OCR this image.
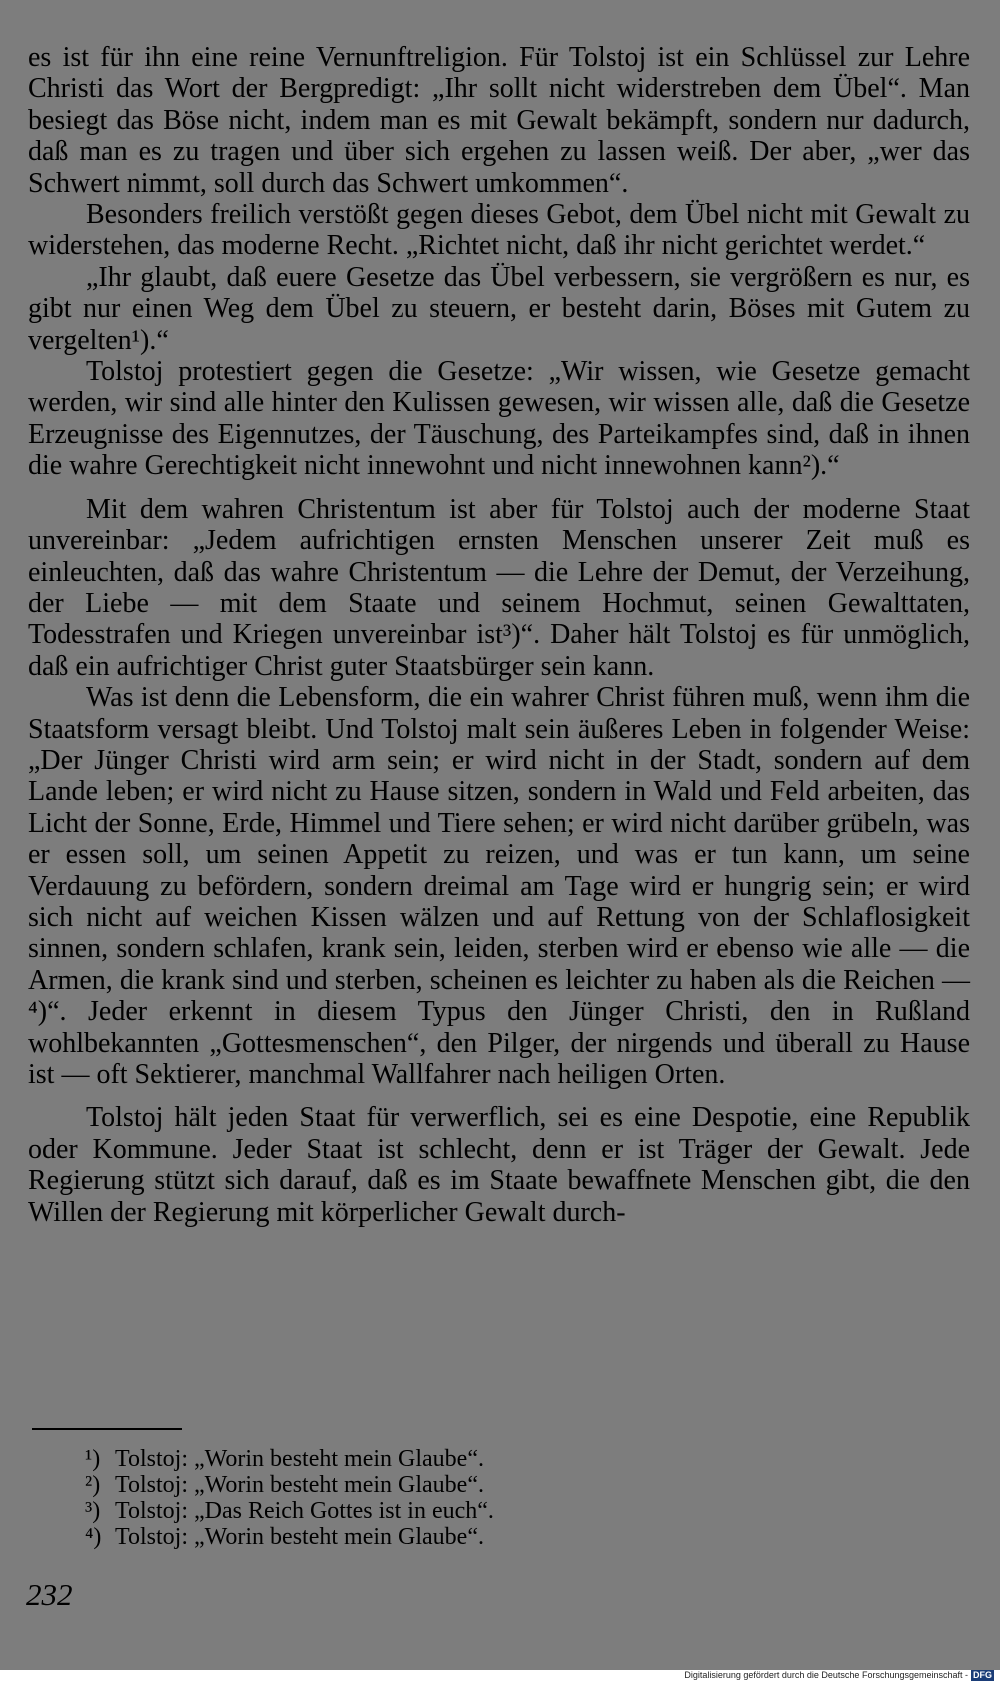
es ist für ihn eine reine Vernunftreligion. Für Tolstoj ist ein Schlüssel zur Lehre Christi das Wort der Bergpredigt: „Ihr sollt nicht widerstreben dem Übel“. Man besiegt das Böse nicht, indem man es mit Gewalt bekämpft, sondern nur dadurch, daß man es zu tragen und über sich ergehen zu lassen weiß. Der aber, „wer das Schwert nimmt, soll durch das Schwert umkommen“.

Besonders freilich verstößt gegen dieses Gebot, dem Übel nicht mit Gewalt zu widerstehen, das moderne Recht. „Richtet nicht, daß ihr nicht gerichtet werdet.“

„Ihr glaubt, daß euere Gesetze das Übel verbessern, sie vergrößern es nur, es gibt nur einen Weg dem Übel zu steuern, er besteht darin, Böses mit Gutem zu vergelten¹).“

Tolstoj protestiert gegen die Gesetze: „Wir wissen, wie Gesetze gemacht werden, wir sind alle hinter den Kulissen gewesen, wir wissen alle, daß die Gesetze Erzeugnisse des Eigennutzes, der Täuschung, des Parteikampfes sind, daß in ihnen die wahre Gerechtigkeit nicht innewohnt und nicht innewohnen kann²).“

Mit dem wahren Christentum ist aber für Tolstoj auch der moderne Staat unvereinbar: „Jedem aufrichtigen ernsten Menschen unserer Zeit muß es einleuchten, daß das wahre Christentum — die Lehre der Demut, der Verzeihung, der Liebe — mit dem Staate und seinem Hochmut, seinen Gewalttaten, Todesstrafen und Kriegen unvereinbar ist³)“. Daher hält Tolstoj es für unmöglich, daß ein aufrichtiger Christ guter Staatsbürger sein kann.

Was ist denn die Lebensform, die ein wahrer Christ führen muß, wenn ihm die Staatsform versagt bleibt. Und Tolstoj malt sein äußeres Leben in folgender Weise: „Der Jünger Christi wird arm sein; er wird nicht in der Stadt, sondern auf dem Lande leben; er wird nicht zu Hause sitzen, sondern in Wald und Feld arbeiten, das Licht der Sonne, Erde, Himmel und Tiere sehen; er wird nicht darüber grübeln, was er essen soll, um seinen Appetit zu reizen, und was er tun kann, um seine Verdauung zu befördern, sondern dreimal am Tage wird er hungrig sein; er wird sich nicht auf weichen Kissen wälzen und auf Rettung von der Schlaflosigkeit sinnen, sondern schlafen, krank sein, leiden, sterben wird er ebenso wie alle — die Armen, die krank sind und sterben, scheinen es leichter zu haben als die Reichen —⁴)“. Jeder erkennt in diesem Typus den Jünger Christi, den in Rußland wohlbekannten „Gottesmenschen“, den Pilger, der nirgends und überall zu Hause ist — oft Sektierer, manchmal Wallfahrer nach heiligen Orten.

Tolstoj hält jeden Staat für verwerflich, sei es eine Despotie, eine Republik oder Kommune. Jeder Staat ist schlecht, denn er ist Träger der Gewalt. Jede Regierung stützt sich darauf, daß es im Staate bewaffnete Menschen gibt, die den Willen der Regierung mit körperlicher Gewalt durch-

¹) Tolstoj: „Worin besteht mein Glaube“.
²) Tolstoj: „Worin besteht mein Glaube“.
³) Tolstoj: „Das Reich Gottes ist in euch“.
⁴) Tolstoj: „Worin besteht mein Glaube“.
232
Digitalisierung gefördert durch die Deutsche Forschungsgemeinschaft - DFG
